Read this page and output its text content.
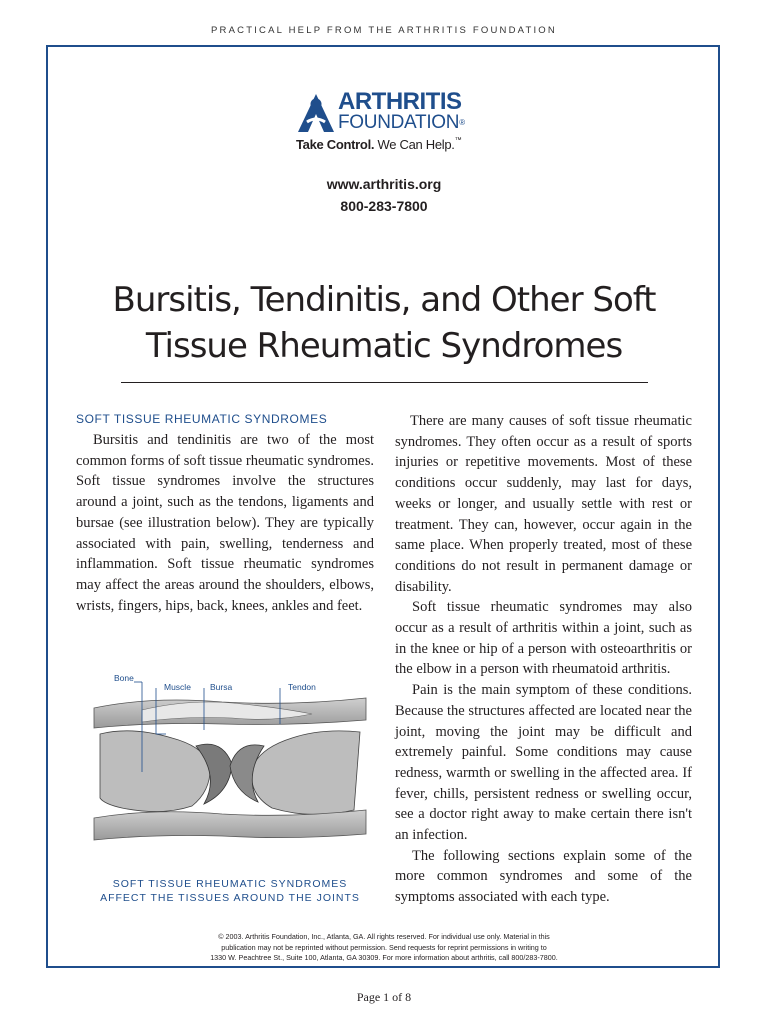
PRACTICAL HELP FROM THE ARTHRITIS FOUNDATION
ARTHRITIS
FOUNDATION®
Take Control. We Can Help.™
www.arthritis.org
800-283-7800
Bursitis, Tendinitis, and Other Soft
Tissue Rheumatic Syndromes
SOFT TISSUE RHEUMATIC SYNDROMES

Bursitis and tendinitis are two of the most common forms of soft tissue rheumatic syndromes. Soft tissue syndromes involve the structures around a joint, such as the tendons, ligaments and bursae (see illustration below). They are typically associated with pain, swelling, tenderness and inflammation. Soft tissue rheumatic syndromes may affect the areas around the shoulders, elbows, wrists, fingers, hips, back, knees, ankles and feet.

Bone
Muscle Bursa	Tendon
SOFT TISSUE RHEUMATIC SYNDROMES
AFFECT THE TISSUES AROUND THE JOINTS

There are many causes of soft tissue rheumatic syndromes. They often occur as a result of sports injuries or repetitive movements. Most of these conditions occur suddenly, may last for days, weeks or longer, and usually settle with rest or treatment. They can, however, occur again in the same place. When properly treated, most of these conditions do not result in permanent damage or disability.

Soft tissue rheumatic syndromes may also occur as a result of arthritis within a joint, such as in the knee or hip of a person with osteoarthritis or the elbow in a person with rheumatoid arthritis.

Pain is the main symptom of these conditions. Because the structures affected are located near the joint, moving the joint may be difficult and extremely painful. Some conditions may cause redness, warmth or swelling in the affected area. If fever, chills, persistent redness or swelling occur, see a doctor right away to make certain there isn't an infection.

The following sections explain some of the more common syndromes and some of the symptoms associated with each type.

© 2003. Arthritis Foundation, Inc., Atlanta, GA. All rights reserved. For individual use only. Material in this
publication may not be reprinted without permission. Send requests for reprint permissions in writing to
1330 W. Peachtree St., Suite 100, Atlanta, GA 30309. For more information about arthritis, call 800/283-7800.
Page 1 of 8
